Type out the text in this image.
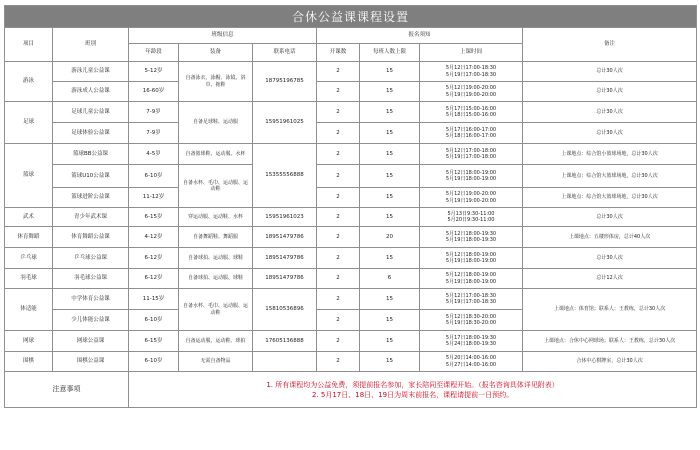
合休公益课课程设置								
项目	班别	班级信息			报名须知			备注
		年龄段	装备	联系电话	开课数	每班人数上限	上课时间	
游泳	游泳儿童公益课	5-12岁	自备泳衣、泳帽、泳镜、浴巾、拖鞋	18795196785	2	15	5月12日17:00-18:30
5月19日17:00-18:30	总计30人次
	游泳成人公益课	16-60岁			2	15	5月12日19:00-20:00
5月19日19:00-20:00	总计30人次
足球	足球儿童公益课	7-9岁	自备足球鞋、运动服	15951961025	2	15	5月17日15:00-16:00
5月18日15:00-16:00	总计30人次
	足球体验公益课	7-9岁			2	15	5月17日16:00-17:00
5月18日16:00-17:00	总计30人次
篮球	篮球BB公益课	4-5岁	自备篮球鞋、运动服、水杯	15355556888	2	15	5月12日17:00-18:00
5月19日17:00-18:00	上课地点：综合馆小篮球场地，总计30人次
	篮球U10公益课	6-10岁	自备水杯、毛巾、运动服、运动鞋		2	15	5月12日18:00-19:00
5月19日18:00-19:00	上课地点：综合馆大篮球场地，总计30人次
	篮球进阶公益课	11-12岁			2	15	5月12日19:00-20:00
5月19日19:00-20:00	上课地点：综合馆大篮球场地，总计30人次
武术	青少年武术课	6-15岁	穿运动服、运动鞋、水杯	15951961023	2	15	5月13日9:30-11:00
5月20日9:30-11:00	总计30人次
体育舞蹈	体育舞蹈公益课	4-12岁	自备舞蹈鞋、舞蹈服	18951479786	2	20	5月12日18:00-19:30
5月19日18:00-19:30	上课地点：五楼形体房，总计40人次
乒乓球	乒乓球公益课	6-12岁	自备球拍、运动服、球鞋	18951479786	2	15	5月12日18:00-19:00
5月19日18:00-19:00	总计30人次
羽毛球	羽毛球公益课	6-12岁	自备球拍、运动服、球鞋	18951479786	2	6	5月12日18:00-19:00
5月19日18:00-19:00	总计12人次
体适能	中学体育公益课	11-15岁	自备水杯、毛巾、运动服、运动鞋	15810536896	2	15	5月12日17:00-18:30
5月19日17:00-18:30	上课地点：体育馆；联系人：王教练，总计30人次
	少儿体能公益课	6-10岁			2	15	5月12日18:30-20:00
5月19日18:30-20:00	

网球	网球公益课	6-15岁	自备运动服、运动鞋、球拍	17605136888	2	15	5月17日18:00-19:30
5月24日18:00-19:30	上课地点：合休中心网球场；联系人：王教练，总计30人次
围棋	围棋公益课	6-10岁	无需自备物品		2	15	5月20日14:00-16:00
5月27日14:00-16:00	合休中心棋牌室，总计30人次
注意事项		1. 所有课程均为公益免费，须提前报名参加，家长陪同至课程开始。（报名咨询具体详见附表）
2. 5月17日、18日、19日为周末前报名，课程请提前一日预约。						
